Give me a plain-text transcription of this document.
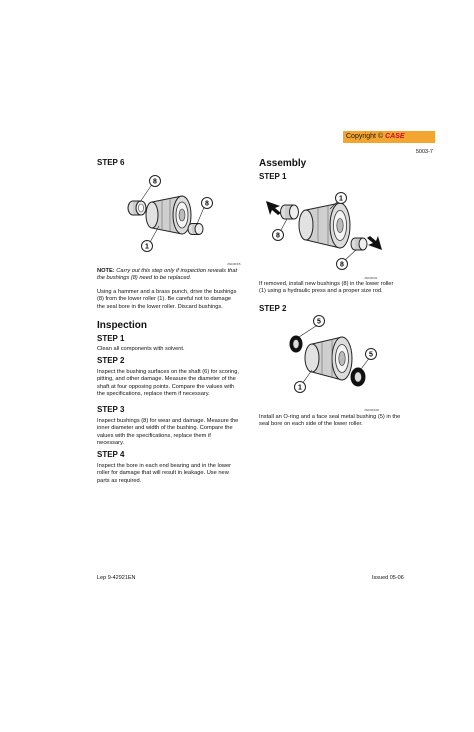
Copyright © CASE
5003-7
STEP 6
8
8
1
JS03R/K5
NOTE: Carry out this step only if inspection reveals that the bushings (8) need to be replaced.
Using a hammer and a brass punch, drive the bushings (8) from the lower roller (1). Be careful not to damage the seal bore in the lower roller. Discard bushings.
Inspection
STEP 1
Clean all components with solvent.
STEP 2
Inspect the bushing surfaces on the shaft (6) for scoring, pitting, and other damage. Measure the diameter of the shaft at four opposing points. Compare the values with the specifications, replace them if necessary.
STEP 3
Inspect bushings (8) for wear and damage. Measure the inner diameter and width of the bushing. Compare the values with the specifications, replace them if necessary.
STEP 4
Inspect the bore in each end bearing and in the lower roller for damage that will result in leakage. Use new parts as required.
Assembly
STEP 1
1
8
8
JS03R/04
If removed, install new bushings (8) in the lower roller (1) using a hydraulic press and a proper size rod.
STEP 2
5
5
1
JS03R/108
Install an O-ring and a face seal metal bushing (5) in the seal bore on each side of the lower roller.
Lep 9-42921EN	Issued 05-06
